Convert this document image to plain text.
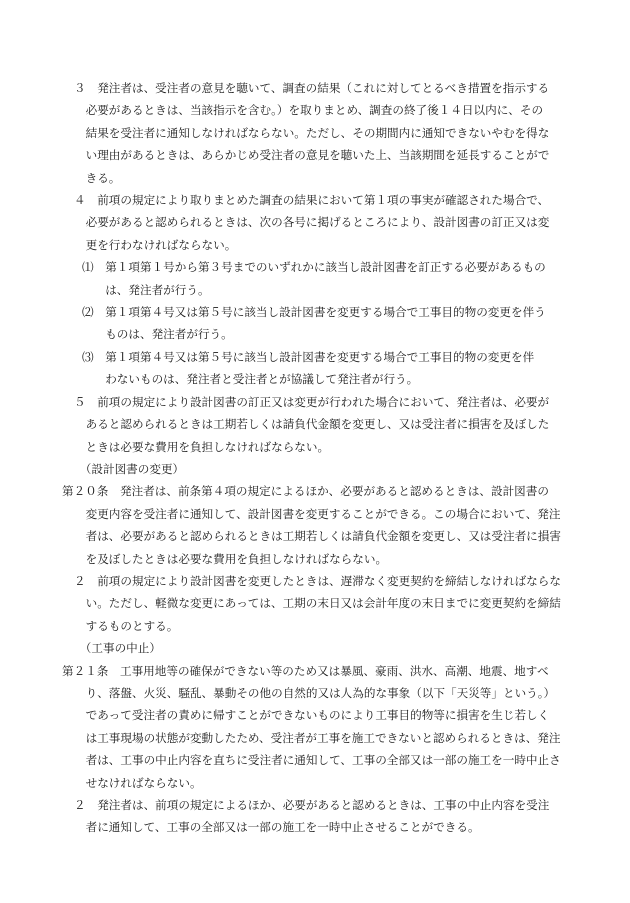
３　発注者は、受注者の意見を聴いて、調査の結果（これに対してとるべき措置を指示する
　必要があるときは、当該指示を含む。）を取りまとめ、調査の終了後１４日以内に、その
　結果を受注者に通知しなければならない。ただし、その期間内に通知できないやむを得な
　い理由があるときは、あらかじめ受注者の意見を聴いた上、当該期間を延長することがで
　きる。
４　前項の規定により取りまとめた調査の結果において第１項の事実が確認された場合で、
　必要があると認められるときは、次の各号に掲げるところにより、設計図書の訂正又は変
　更を行わなければならない。
⑴　第１項第１号から第３号までのいずれかに該当し設計図書を訂正する必要があるもの
　　は、発注者が行う。
⑵　第１項第４号又は第５号に該当し設計図書を変更する場合で工事目的物の変更を伴う
　　ものは、発注者が行う。
⑶　第１項第４号又は第５号に該当し設計図書を変更する場合で工事目的物の変更を伴
　　わないものは、発注者と受注者とが協議して発注者が行う。
５　前項の規定により設計図書の訂正又は変更が行われた場合において、発注者は、必要が
　あると認められるときは工期若しくは請負代金額を変更し、又は受注者に損害を及ぼした
　ときは必要な費用を負担しなければならない。
　（設計図書の変更）
第２０条　発注者は、前条第４項の規定によるほか、必要があると認めるときは、設計図書の
　変更内容を受注者に通知して、設計図書を変更することができる。この場合において、発注
　者は、必要があると認められるときは工期若しくは請負代金額を変更し、又は受注者に損害
　を及ぼしたときは必要な費用を負担しなければならない。
２　前項の規定により設計図書を変更したときは、遅滞なく変更契約を締結しなければならな
　い。ただし、軽微な変更にあっては、工期の末日又は会計年度の末日までに変更契約を締結
　するものとする。
　（工事の中止）
第２１条　工事用地等の確保ができない等のため又は暴風、豪雨、洪水、高潮、地震、地すべ
　り、落盤、火災、騒乱、暴動その他の自然的又は人為的な事象（以下「天災等」という。）
　であって受注者の責めに帰すことができないものにより工事目的物等に損害を生じ若しく
　は工事現場の状態が変動したため、受注者が工事を施工できないと認められるときは、発注
　者は、工事の中止内容を直ちに受注者に通知して、工事の全部又は一部の施工を一時中止さ
　せなければならない。
２　発注者は、前項の規定によるほか、必要があると認めるときは、工事の中止内容を受注
　者に通知して、工事の全部又は一部の施工を一時中止させることができる。
